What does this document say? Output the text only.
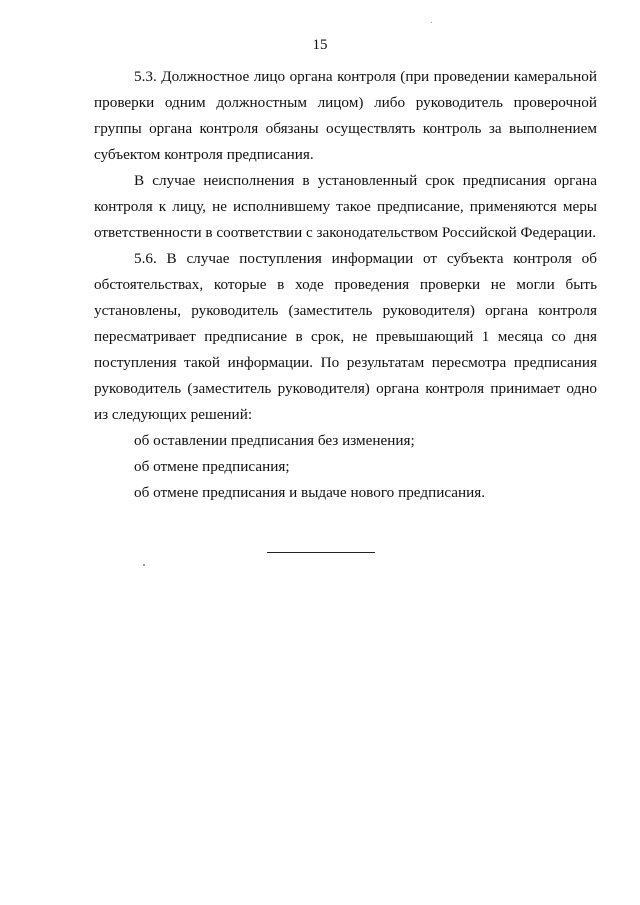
15

5.3. Должностное лицо органа контроля (при проведении камеральной проверки одним должностным лицом) либо руководитель проверочной группы органа контроля обязаны осуществлять контроль за выполнением субъектом контроля предписания.

В случае неисполнения в установленный срок предписания органа контроля к лицу, не исполнившему такое предписание, применяются меры ответственности в соответствии с законодательством Российской Федерации.

5.6. В случае поступления информации от субъекта контроля об обстоятельствах, которые в ходе проведения проверки не могли быть установлены, руководитель (заместитель руководителя) органа контроля пересматривает предписание в срок, не превышающий 1 месяца со дня поступления такой информации. По результатам пересмотра предписания руководитель (заместитель руководителя) органа контроля принимает одно из следующих решений:

об оставлении предписания без изменения;

об отмене предписания;

об отмене предписания и выдаче нового предписания.
